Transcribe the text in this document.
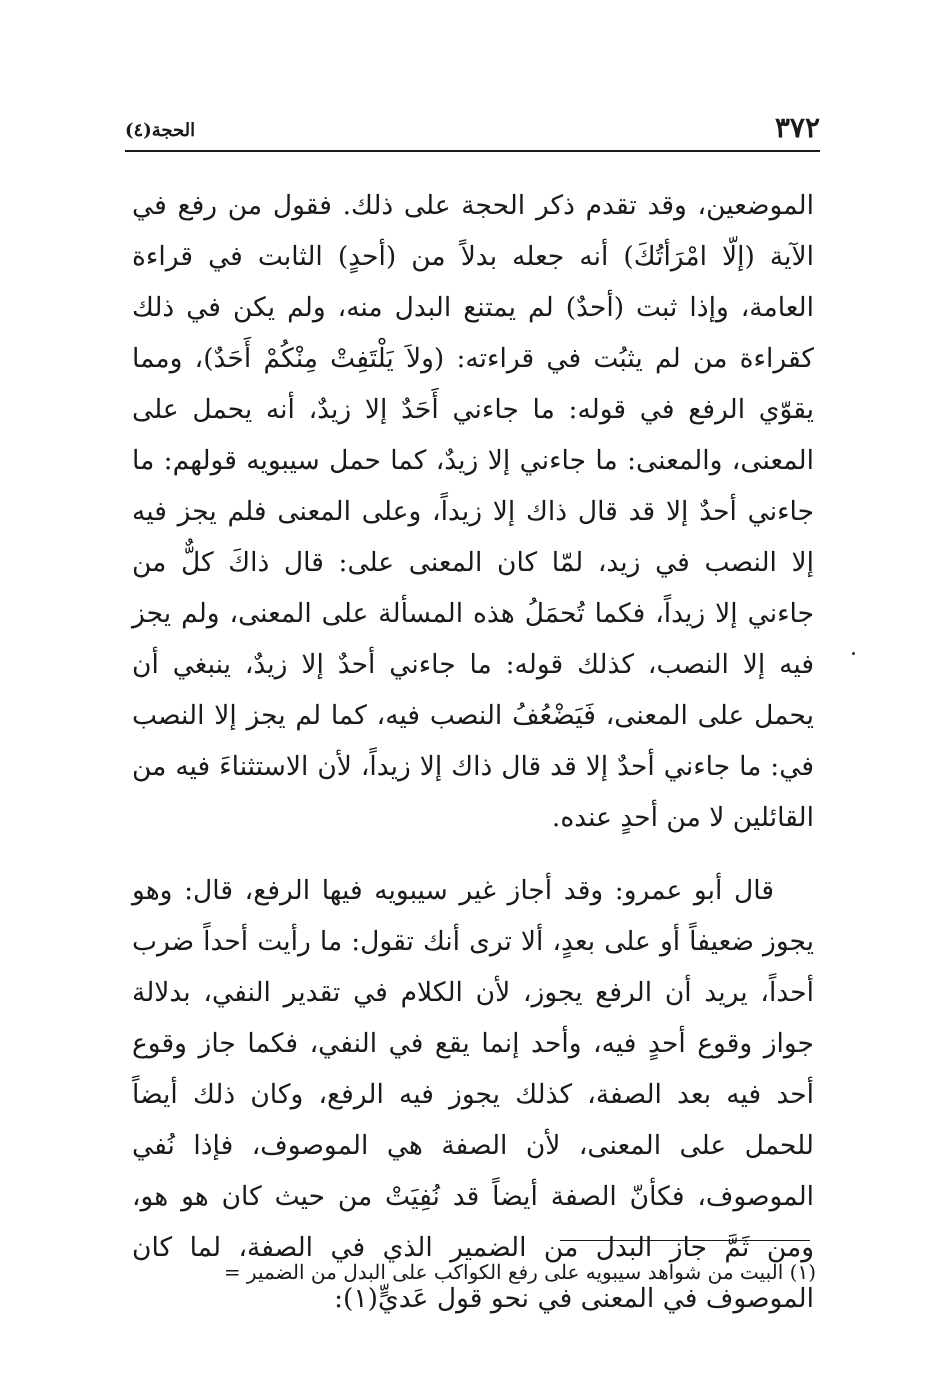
٣٧٢
الحجة(٤)

الموضعين، وقد تقدم ذكر الحجة على ذلك. فقول من رفع في الآية (إلّا امْرَأتُكَ) أنه جعله بدلاً من (أحدٍ) الثابت في قراءة العامة، وإذا ثبت (أحدٌ) لم يمتنع البدل منه، ولم يكن في ذلك كقراءة من لم يثبُت في قراءته: (ولاَ يَلْتَفِتْ مِنْكُمْ أَحَدٌ)، ومما يقوّي الرفع في قوله: ما جاءني أَحَدٌ إلا زيدٌ، أنه يحمل على المعنى، والمعنى: ما جاءني إلا زيدٌ، كما حمل سيبويه قولهم: ما جاءني أحدٌ إلا قد قال ذاك إلا زيداً، وعلى المعنى فلم يجز فيه إلا النصب في زيد، لمّا كان المعنى على: قال ذاكَ كلٌّ من جاءني إلا زيداً، فكما تُحمَلُ هذه المسألة على المعنى، ولم يجز فيه إلا النصب، كذلك قوله: ما جاءني أحدٌ إلا زيدٌ، ينبغي أن يحمل على المعنى، فَيَضْعُفُ النصب فيه، كما لم يجز إلا النصب في: ما جاءني أحدٌ إلا قد قال ذاك إلا زيداً، لأن الاستثناءَ فيه من القائلين لا من أحدٍ عنده.

قال أبو عمرو: وقد أجاز غير سيبويه فيها الرفع، قال: وهو يجوز ضعيفاً أو على بعدٍ، ألا ترى أنك تقول: ما رأيت أحداً ضرب أحداً، يريد أن الرفع يجوز، لأن الكلام في تقدير النفي، بدلالة جواز وقوع أحدٍ فيه، وأحد إنما يقع في النفي، فكما جاز وقوع أحد فيه بعد الصفة، كذلك يجوز فيه الرفع، وكان ذلك أيضاً للحمل على المعنى، لأن الصفة هي الموصوف، فإذا نُفي الموصوف، فكأنّ الصفة أيضاً قد نُفِيَتْ من حيث كان هو هو، ومن ثَمَّ جاز البدل من الضمير الذي في الصفة، لما كان الموصوف في المعنى في نحو قول عَديٍّ(١):

(١) البيت من شواهد سيبويه على رفع الكواكب على البدل من الضمير =
